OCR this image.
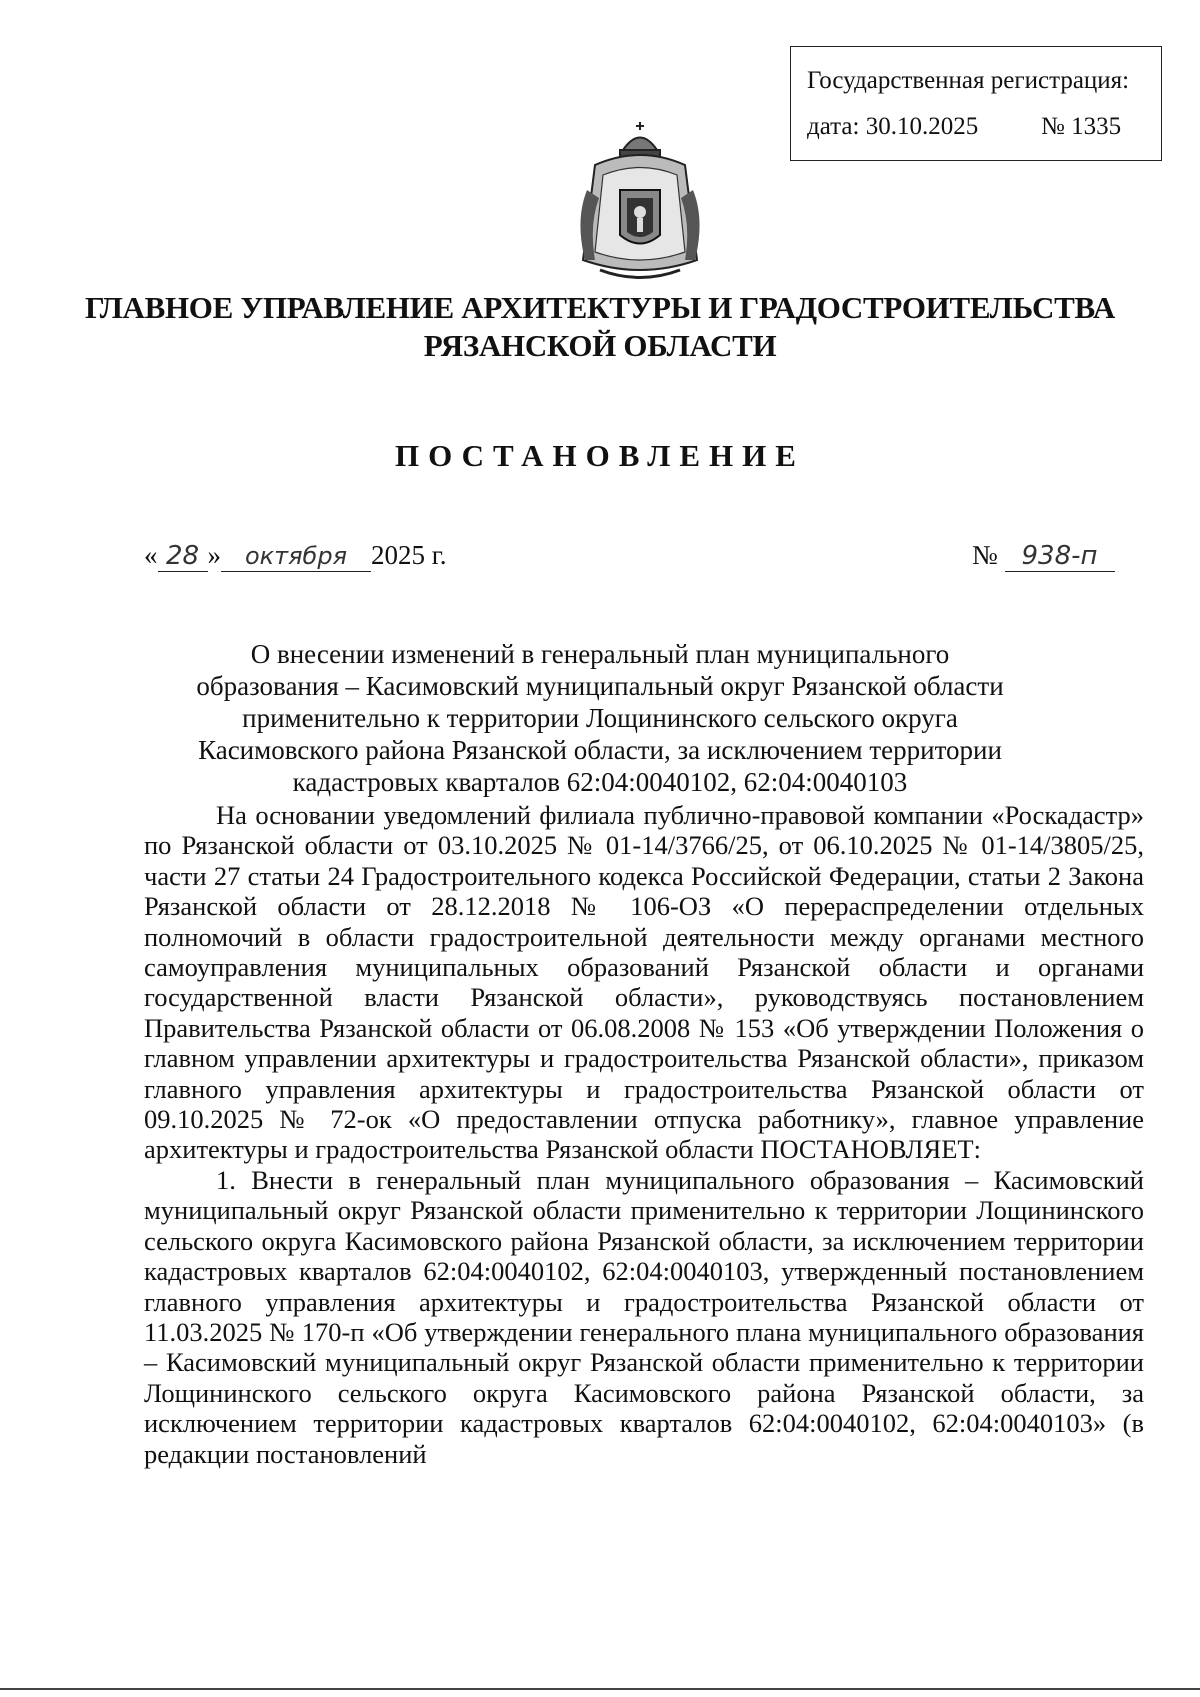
Государственная регистрация:
дата: 30.10.2025	№ 1335
ГЛАВНОЕ УПРАВЛЕНИЕ АРХИТЕКТУРЫ И ГРАДОСТРОИТЕЛЬСТВА
РЯЗАНСКОЙ ОБЛАСТИ
ПОСТАНОВЛЕНИЕ
« 28 » октября 2025 г.	№ 938-п
О внесении изменений в генеральный план муниципального
образования – Касимовский муниципальный округ Рязанской области
применительно к территории Лощининского сельского округа
Касимовского района Рязанской области, за исключением территории
кадастровых кварталов 62:04:0040102, 62:04:0040103

На основании уведомлений филиала публично-правовой компании «Роскадастр» по Рязанской области от 03.10.2025 № 01-14/3766/25, от 06.10.2025 № 01-14/3805/25, части 27 статьи 24 Градостроительного кодекса Российской Федерации, статьи 2 Закона Рязанской области от 28.12.2018 № 106-ОЗ «О перераспределении отдельных полномочий в области градостроительной деятельности между органами местного самоуправления муниципальных образований Рязанской области и органами государственной власти Рязанской области», руководствуясь постановлением Правительства Рязанской области от 06.08.2008 № 153 «Об утверждении Положения о главном управлении архитектуры и градостроительства Рязанской области», приказом главного управления архитектуры и градостроительства Рязанской области от 09.10.2025 № 72-ок «О предоставлении отпуска работнику», главное управление архитектуры и градостроительства Рязанской области ПОСТАНОВЛЯЕТ:

1. Внести в генеральный план муниципального образования – Касимовский муниципальный округ Рязанской области применительно к территории Лощининского сельского округа Касимовского района Рязанской области, за исключением территории кадастровых кварталов 62:04:0040102, 62:04:0040103, утвержденный постановлением главного управления архитектуры и градостроительства Рязанской области от 11.03.2025 № 170-п «Об утверждении генерального плана муниципального образования – Касимовский муниципальный округ Рязанской области применительно к территории Лощининского сельского округа Касимовского района Рязанской области, за исключением территории кадастровых кварталов 62:04:0040102, 62:04:0040103» (в редакции постановлений
